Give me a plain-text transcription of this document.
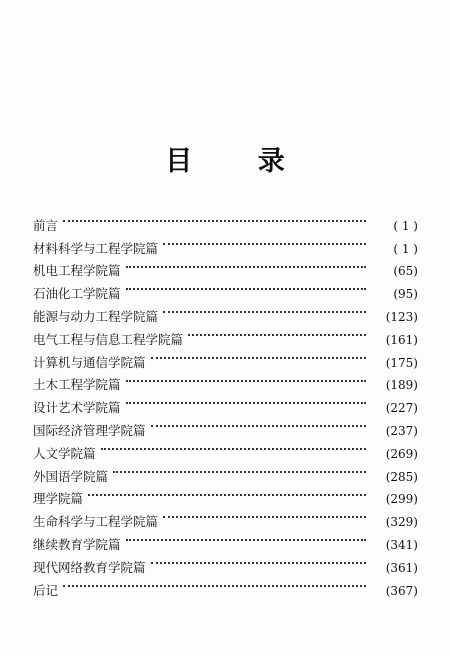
目 录
前言	( 1 )
材料科学与工程学院篇	( 1 )
机电工程学院篇	(65)
石油化工学院篇	(95)
能源与动力工程学院篇	(123)
电气工程与信息工程学院篇	(161)
计算机与通信学院篇	(175)
土木工程学院篇	(189)
设计艺术学院篇	(227)
国际经济管理学院篇	(237)
人文学院篇	(269)
外国语学院篇	(285)
理学院篇	(299)
生命科学与工程学院篇	(329)
继续教育学院篇	(341)
现代网络教育学院篇	(361)
后记	(367)
